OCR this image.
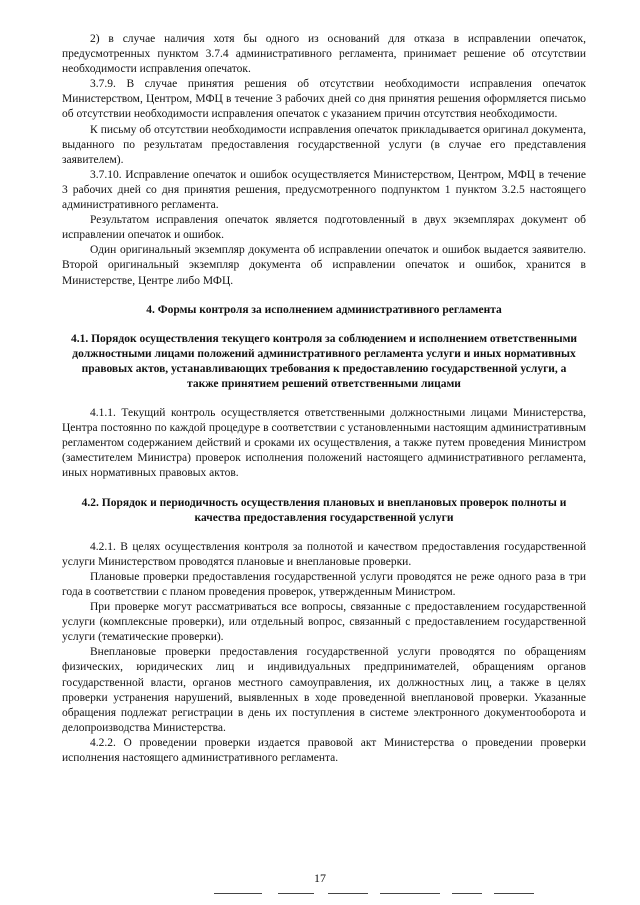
2) в случае наличия хотя бы одного из оснований для отказа в исправлении опечаток, предусмотренных пунктом 3.7.4 административного регламента, принимает решение об отсутствии необходимости исправления опечаток.

3.7.9. В случае принятия решения об отсутствии необходимости исправления опечаток Министерством, Центром, МФЦ в течение 3 рабочих дней со дня принятия решения оформляется письмо об отсутствии необходимости исправления опечаток с указанием причин отсутствия необходимости.

К письму об отсутствии необходимости исправления опечаток прикладывается оригинал документа, выданного по результатам предоставления государственной услуги (в случае его представления заявителем).

3.7.10. Исправление опечаток и ошибок осуществляется Министерством, Центром, МФЦ в течение 3 рабочих дней со дня принятия решения, предусмотренного подпунктом 1 пунктом 3.2.5 настоящего административного регламента.

Результатом исправления опечаток является подготовленный в двух экземплярах документ об исправлении опечаток и ошибок.

Один оригинальный экземпляр документа об исправлении опечаток и ошибок выдается заявителю. Второй оригинальный экземпляр документа об исправлении опечаток и ошибок, хранится в Министерстве, Центре либо МФЦ.

4. Формы контроля за исполнением административного регламента

4.1. Порядок осуществления текущего контроля за соблюдением и исполнением ответственными должностными лицами положений административного регламента услуги и иных нормативных правовых актов, устанавливающих требования к предоставлению государственной услуги, а также принятием решений ответственными лицами

4.1.1. Текущий контроль осуществляется ответственными должностными лицами Министерства, Центра постоянно по каждой процедуре в соответствии с установленными настоящим административным регламентом содержанием действий и сроками их осуществления, а также путем проведения Министром (заместителем Министра) проверок исполнения положений настоящего административного регламента, иных нормативных правовых актов.

4.2. Порядок и периодичность осуществления плановых и внеплановых проверок полноты и качества предоставления государственной услуги

4.2.1. В целях осуществления контроля за полнотой и качеством предоставления государственной услуги Министерством проводятся плановые и внеплановые проверки.

Плановые проверки предоставления государственной услуги проводятся не реже одного раза в три года в соответствии с планом проведения проверок, утвержденным Министром.

При проверке могут рассматриваться все вопросы, связанные с предоставлением государственной услуги (комплексные проверки), или отдельный вопрос, связанный с предоставлением государственной услуги (тематические проверки).

Внеплановые проверки предоставления государственной услуги проводятся по обращениям физических, юридических лиц и индивидуальных предпринимателей, обращениям органов государственной власти, органов местного самоуправления, их должностных лиц, а также в целях проверки устранения нарушений, выявленных в ходе проведенной внеплановой проверки. Указанные обращения подлежат регистрации в день их поступления в системе электронного документооборота и делопроизводства Министерства.

4.2.2. О проведении проверки издается правовой акт Министерства о проведении проверки исполнения настоящего административного регламента.

17
